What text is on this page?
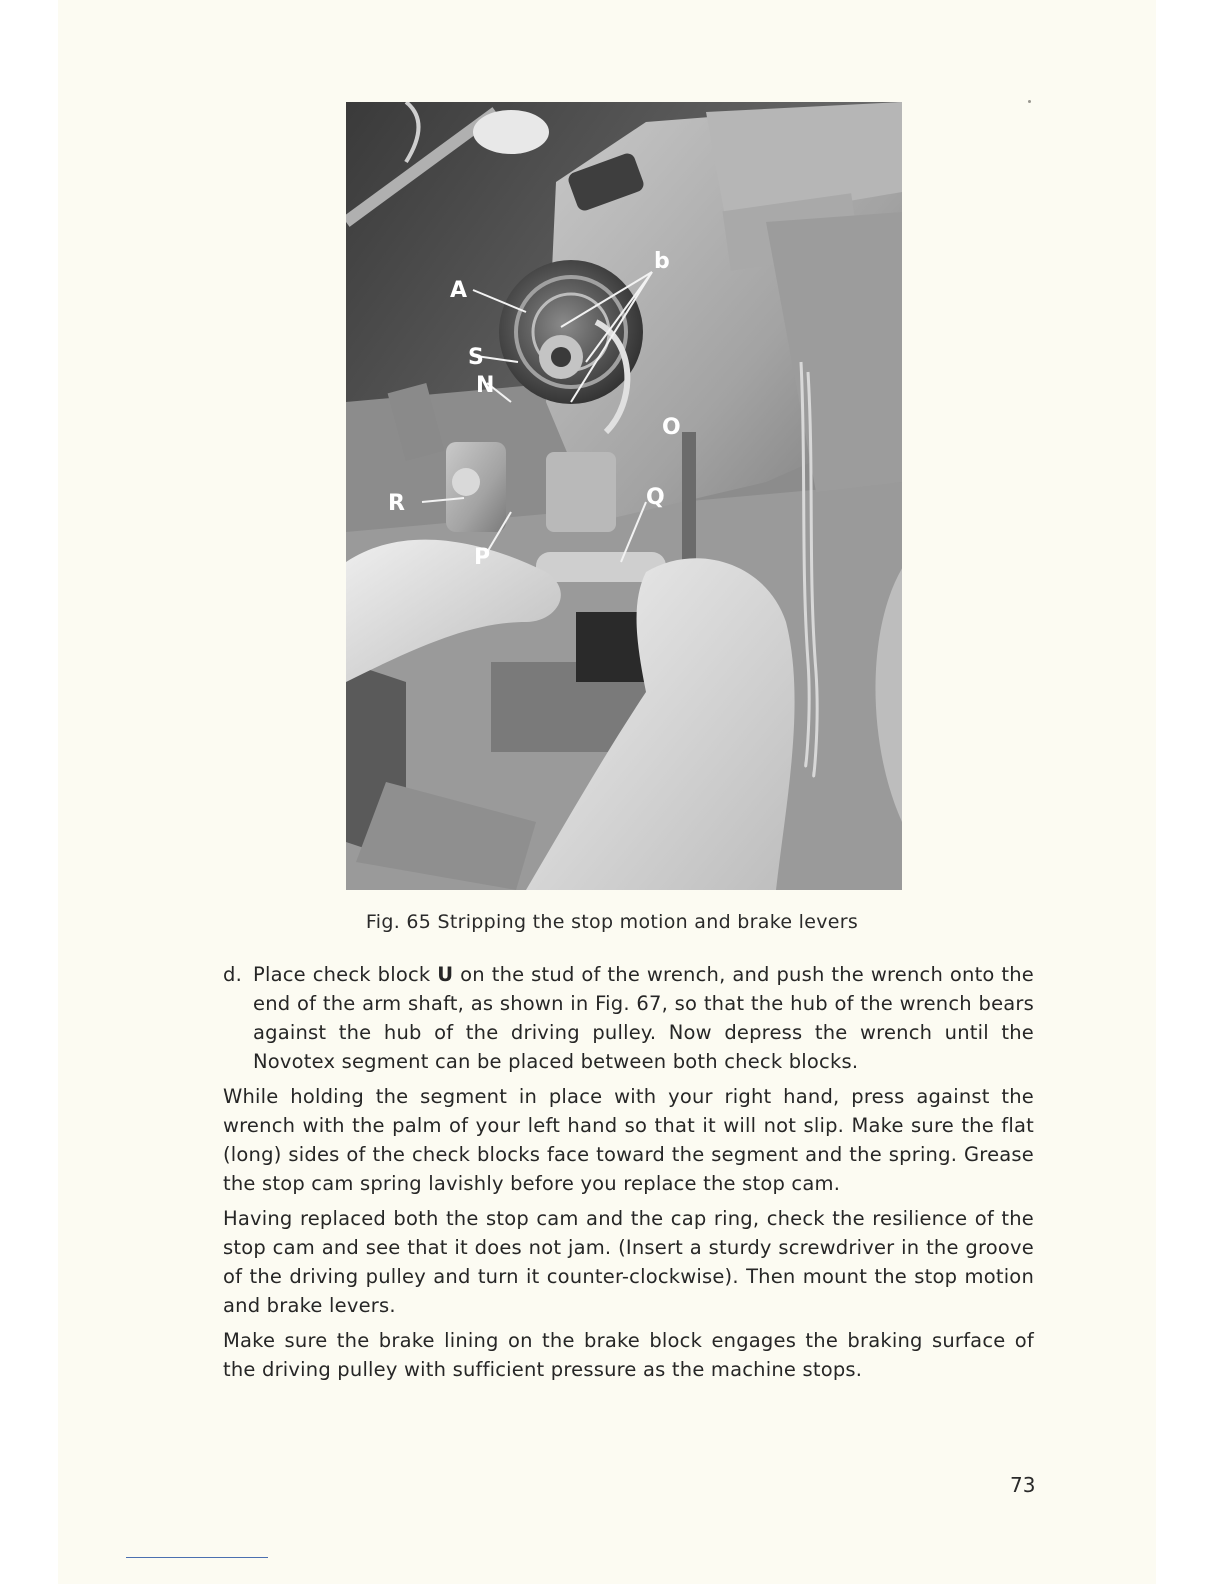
A
b
S
N
O
R	Q
P
Fig. 65 Stripping the stop motion and brake levers

d. Place check block U on the stud of the wrench, and push the wrench onto the end of the arm shaft, as shown in Fig. 67, so that the hub of the wrench bears against the hub of the driving pulley. Now depress the wrench until the Novotex segment can be placed between both check blocks.

While holding the segment in place with your right hand, press against the wrench with the palm of your left hand so that it will not slip. Make sure the flat (long) sides of the check blocks face toward the segment and the spring. Grease the stop cam spring lavishly before you replace the stop cam.

Having replaced both the stop cam and the cap ring, check the resilience of the stop cam and see that it does not jam. (Insert a sturdy screwdriver in the groove of the driving pulley and turn it counter-clockwise). Then mount the stop motion and brake levers.

Make sure the brake lining on the brake block engages the braking surface of the driving pulley with sufficient pressure as the machine stops.

73
